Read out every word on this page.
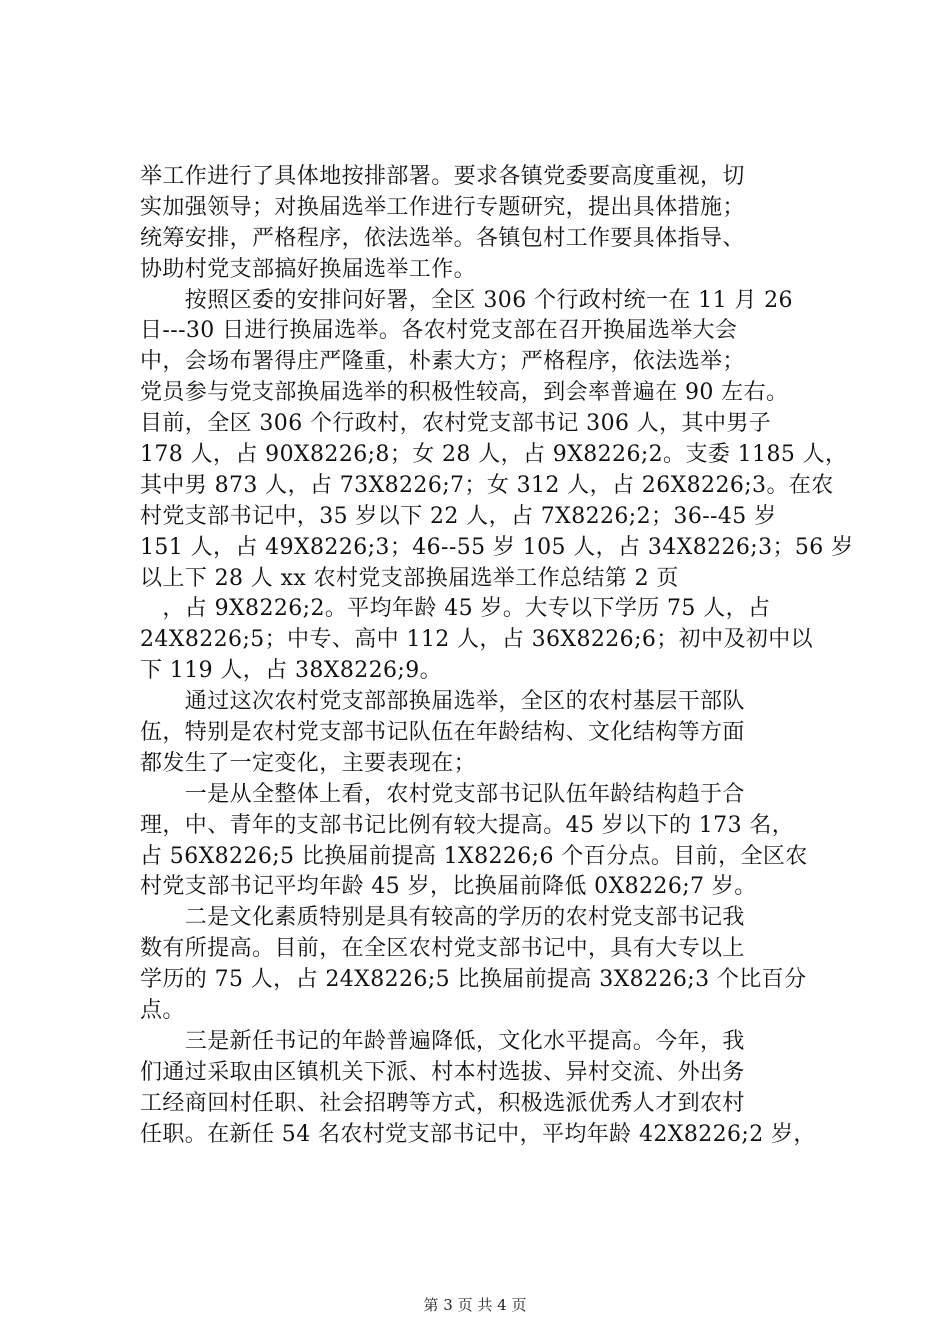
举工作进行了具体地按排部署。要求各镇党委要高度重视，切
实加强领导；对换届选举工作进行专题研究，提出具体措施；
统筹安排，严格程序，依法选举。各镇包村工作要具体指导、
协助村党支部搞好换届选举工作。
　　按照区委的安排问好署，全区 306 个行政村统一在 11 月 26
日---30 日进行换届选举。各农村党支部在召开换届选举大会
中，会场布署得庄严隆重，朴素大方；严格程序，依法选举；
党员参与党支部换届选举的积极性较高，到会率普遍在 90 左右。
目前，全区 306 个行政村，农村党支部书记 306 人，其中男子
178 人，占 90X8226;8；女 28 人，占 9X8226;2。支委 1185 人，
其中男 873 人，占 73X8226;7；女 312 人，占 26X8226;3。在农
村党支部书记中，35 岁以下 22 人，占 7X8226;2；36--45 岁
151 人，占 49X8226;3；46--55 岁 105 人，占 34X8226;3；56 岁
以上下 28 人 xx 农村党支部换届选举工作总结第 2 页
　，占 9X8226;2。平均年龄 45 岁。大专以下学历 75 人，占
24X8226;5；中专、高中 112 人，占 36X8226;6；初中及初中以
下 119 人，占 38X8226;9。
　　通过这次农村党支部部换届选举，全区的农村基层干部队
伍，特别是农村党支部书记队伍在年龄结构、文化结构等方面
都发生了一定变化，主要表现在；
　　一是从全整体上看，农村党支部书记队伍年龄结构趋于合
理，中、青年的支部书记比例有较大提高。45 岁以下的 173 名，
占 56X8226;5 比换届前提高 1X8226;6 个百分点。目前，全区农
村党支部书记平均年龄 45 岁，比换届前降低 0X8226;7 岁。
　　二是文化素质特别是具有较高的学历的农村党支部书记我
数有所提高。目前，在全区农村党支部书记中，具有大专以上
学历的 75 人，占 24X8226;5 比换届前提高 3X8226;3 个比百分
点。
　　三是新任书记的年龄普遍降低，文化水平提高。今年，我
们通过采取由区镇机关下派、村本村选拔、异村交流、外出务
工经商回村任职、社会招聘等方式，积极选派优秀人才到农村
任职。在新任 54 名农村党支部书记中，平均年龄 42X8226;2 岁，
第 3 页 共 4 页
